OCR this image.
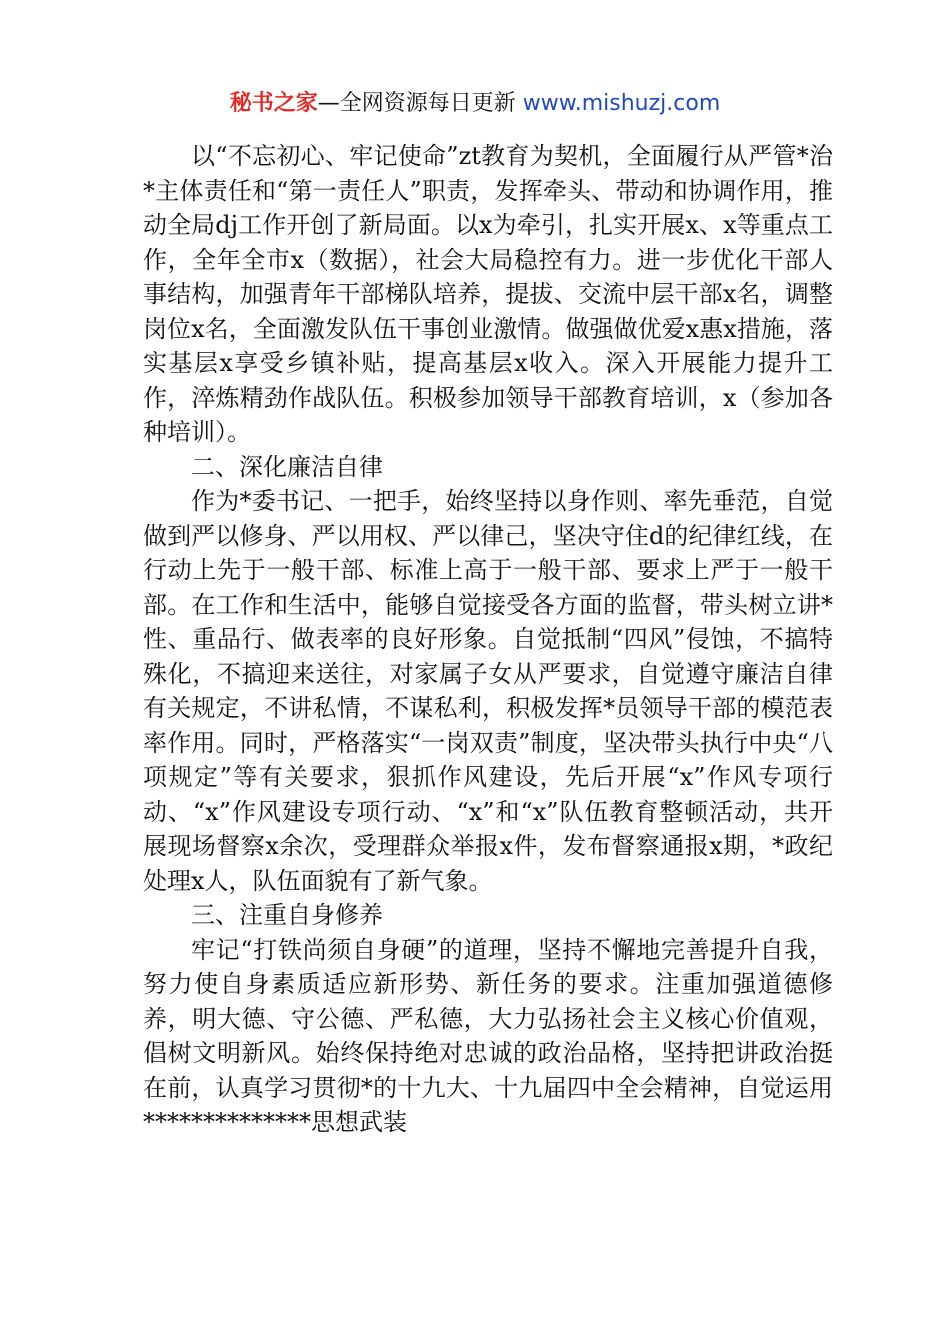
秘书之家—全网资源每日更新 www.mishuzj.com

以“不忘初心、牢记使命”zt教育为契机，全面履行从严管*治*主体责任和“第一责任人”职责，发挥牵头、带动和协调作用，推动全局dj工作开创了新局面。以x为牵引，扎实开展x、x等重点工作，全年全市x（数据），社会大局稳控有力。进一步优化干部人事结构，加强青年干部梯队培养，提拔、交流中层干部x名，调整岗位x名，全面激发队伍干事创业激情。做强做优爱x惠x措施，落实基层x享受乡镇补贴，提高基层x收入。深入开展能力提升工作，淬炼精劲作战队伍。积极参加领导干部教育培训，x（参加各种培训）。

二、深化廉洁自律

作为*委书记、一把手，始终坚持以身作则、率先垂范，自觉做到严以修身、严以用权、严以律己，坚决守住d的纪律红线，在行动上先于一般干部、标准上高于一般干部、要求上严于一般干部。在工作和生活中，能够自觉接受各方面的监督，带头树立讲*性、重品行、做表率的良好形象。自觉抵制“四风”侵蚀，不搞特殊化，不搞迎来送往，对家属子女从严要求，自觉遵守廉洁自律有关规定，不讲私情，不谋私利，积极发挥*员领导干部的模范表率作用。同时，严格落实“一岗双责”制度，坚决带头执行中央“八项规定”等有关要求，狠抓作风建设，先后开展“x”作风专项行动、“x”作风建设专项行动、“x”和“x”队伍教育整顿活动，共开展现场督察x余次，受理群众举报x件，发布督察通报x期，*政纪处理x人，队伍面貌有了新气象。

三、注重自身修养

牢记“打铁尚须自身硬”的道理，坚持不懈地完善提升自我，努力使自身素质适应新形势、新任务的要求。注重加强道德修养，明大德、守公德、严私德，大力弘扬社会主义核心价值观，倡树文明新风。始终保持绝对忠诚的政治品格，坚持把讲政治挺在前，认真学习贯彻*的十九大、十九届四中全会精神，自觉运用**************思想武装
